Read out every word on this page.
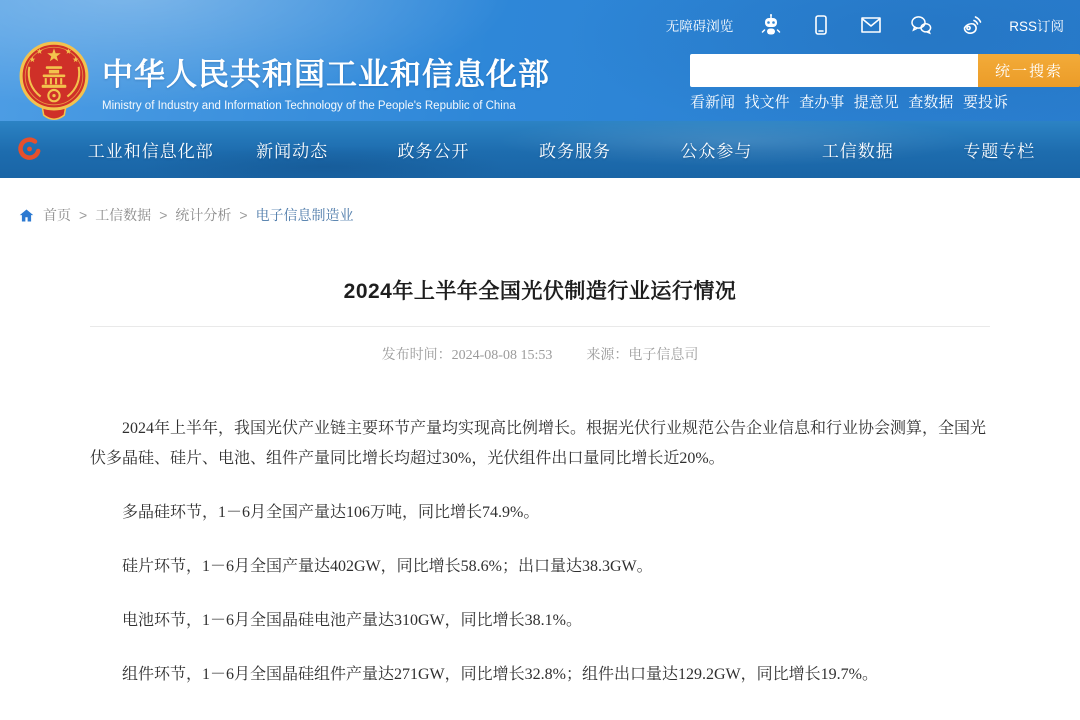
无障碍浏览	RSS订阅
中华人民共和国工业和信息化部
Ministry of Industry and Information Technology of the People's Republic of China
统一搜索
看新闻 找文件 查办事 提意见 查数据 要投诉
工业和信息化部	新闻动态	政务公开	政务服务	公众参与	工信数据	专题专栏
首页 > 工信数据 > 统计分析 > 电子信息制造业
2024年上半年全国光伏制造行业运行情况
发布时间：2024-08-08 15:53 来源：电子信息司

2024年上半年，我国光伏产业链主要环节产量均实现高比例增长。根据光伏行业规范公告企业信息和行业协会测算，全国光伏多晶硅、硅片、电池、组件产量同比增长均超过30%，光伏组件出口量同比增长近20%。

多晶硅环节，1－6月全国产量达106万吨，同比增长74.9%。

硅片环节，1－6月全国产量达402GW，同比增长58.6%；出口量达38.3GW。

电池环节，1－6月全国晶硅电池产量达310GW，同比增长38.1%。

组件环节，1－6月全国晶硅组件产量达271GW，同比增长32.8%；组件出口量达129.2GW，同比增长19.7%。
